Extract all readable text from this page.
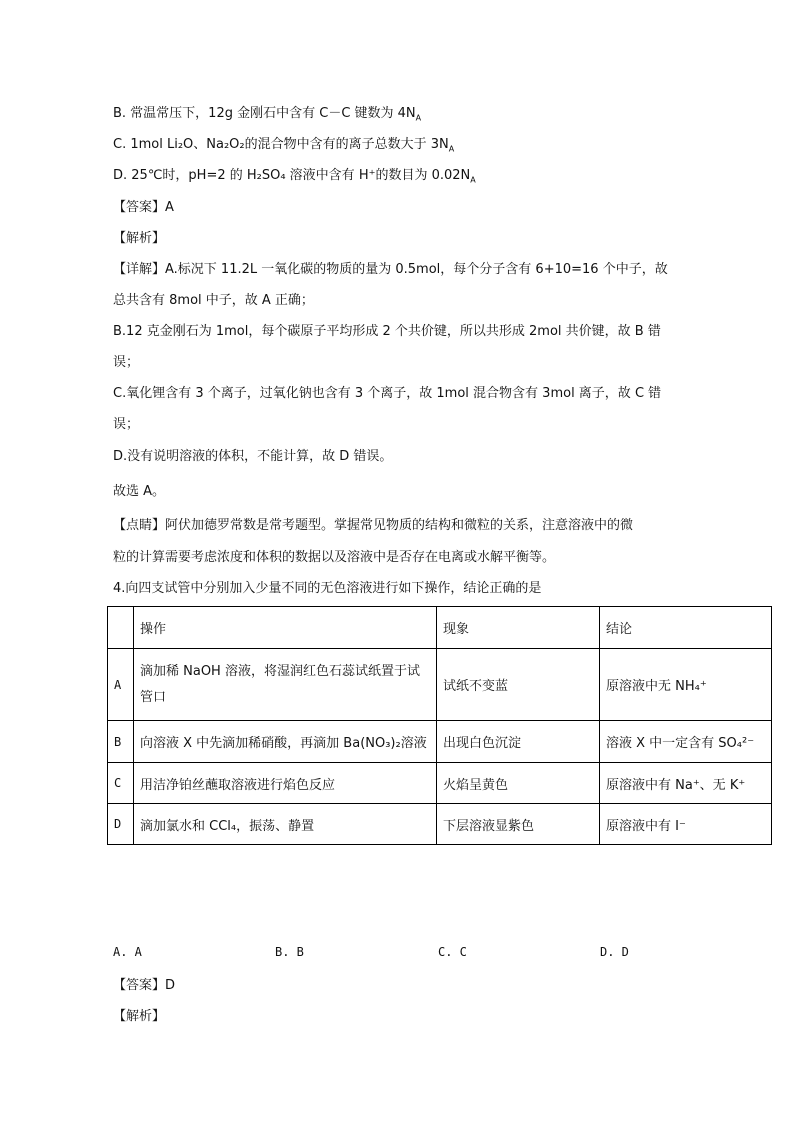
B. 常温常压下，12g 金刚石中含有 C－C 键数为 $4N_A$
C. 1mol Li₂O、Na₂O₂的混合物中含有的离子总数大于 $3N_A$
D. 25℃时，pH=2 的 H₂SO₄ 溶液中含有 H⁺的数目为 $0.02N_A$
【答案】A
【解析】
【详解】A.标况下 11.2L 一氧化碳的物质的量为 0.5mol，每个分子含有 6+10=16 个中子，故
总共含有 8mol 中子，故 A 正确；
B.12 克金刚石为 1mol，每个碳原子平均形成 2 个共价键，所以共形成 2mol 共价键，故 B 错
误；
C.氧化锂含有 3 个离子，过氧化钠也含有 3 个离子，故 1mol 混合物含有 3mol 离子，故 C 错
误；
D.没有说明溶液的体积，不能计算，故 D 错误。
故选 A。
【点睛】阿伏加德罗常数是常考题型。掌握常见物质的结构和微粒的关系，注意溶液中的微
粒的计算需要考虑浓度和体积的数据以及溶液中是否存在电离或水解平衡等。
4.向四支试管中分别加入少量不同的无色溶液进行如下操作，结论正确的是
	操作	现象	结论
A	滴加稀 NaOH 溶液，将湿润红色石蕊试纸置于试管口	试纸不变蓝	原溶液中无 NH₄⁺
B	向溶液 X 中先滴加稀硝酸，再滴加 Ba(NO₃)₂溶液	出现白色沉淀	溶液 X 中一定含有 SO₄²⁻
C	用洁净铂丝蘸取溶液进行焰色反应	火焰呈黄色	原溶液中有 Na⁺、无 K⁺
D	滴加氯水和 CCl₄，振荡、静置	下层溶液显紫色	原溶液中有 I⁻
A. A	B. B	C. C	D. D
【答案】D
【解析】
